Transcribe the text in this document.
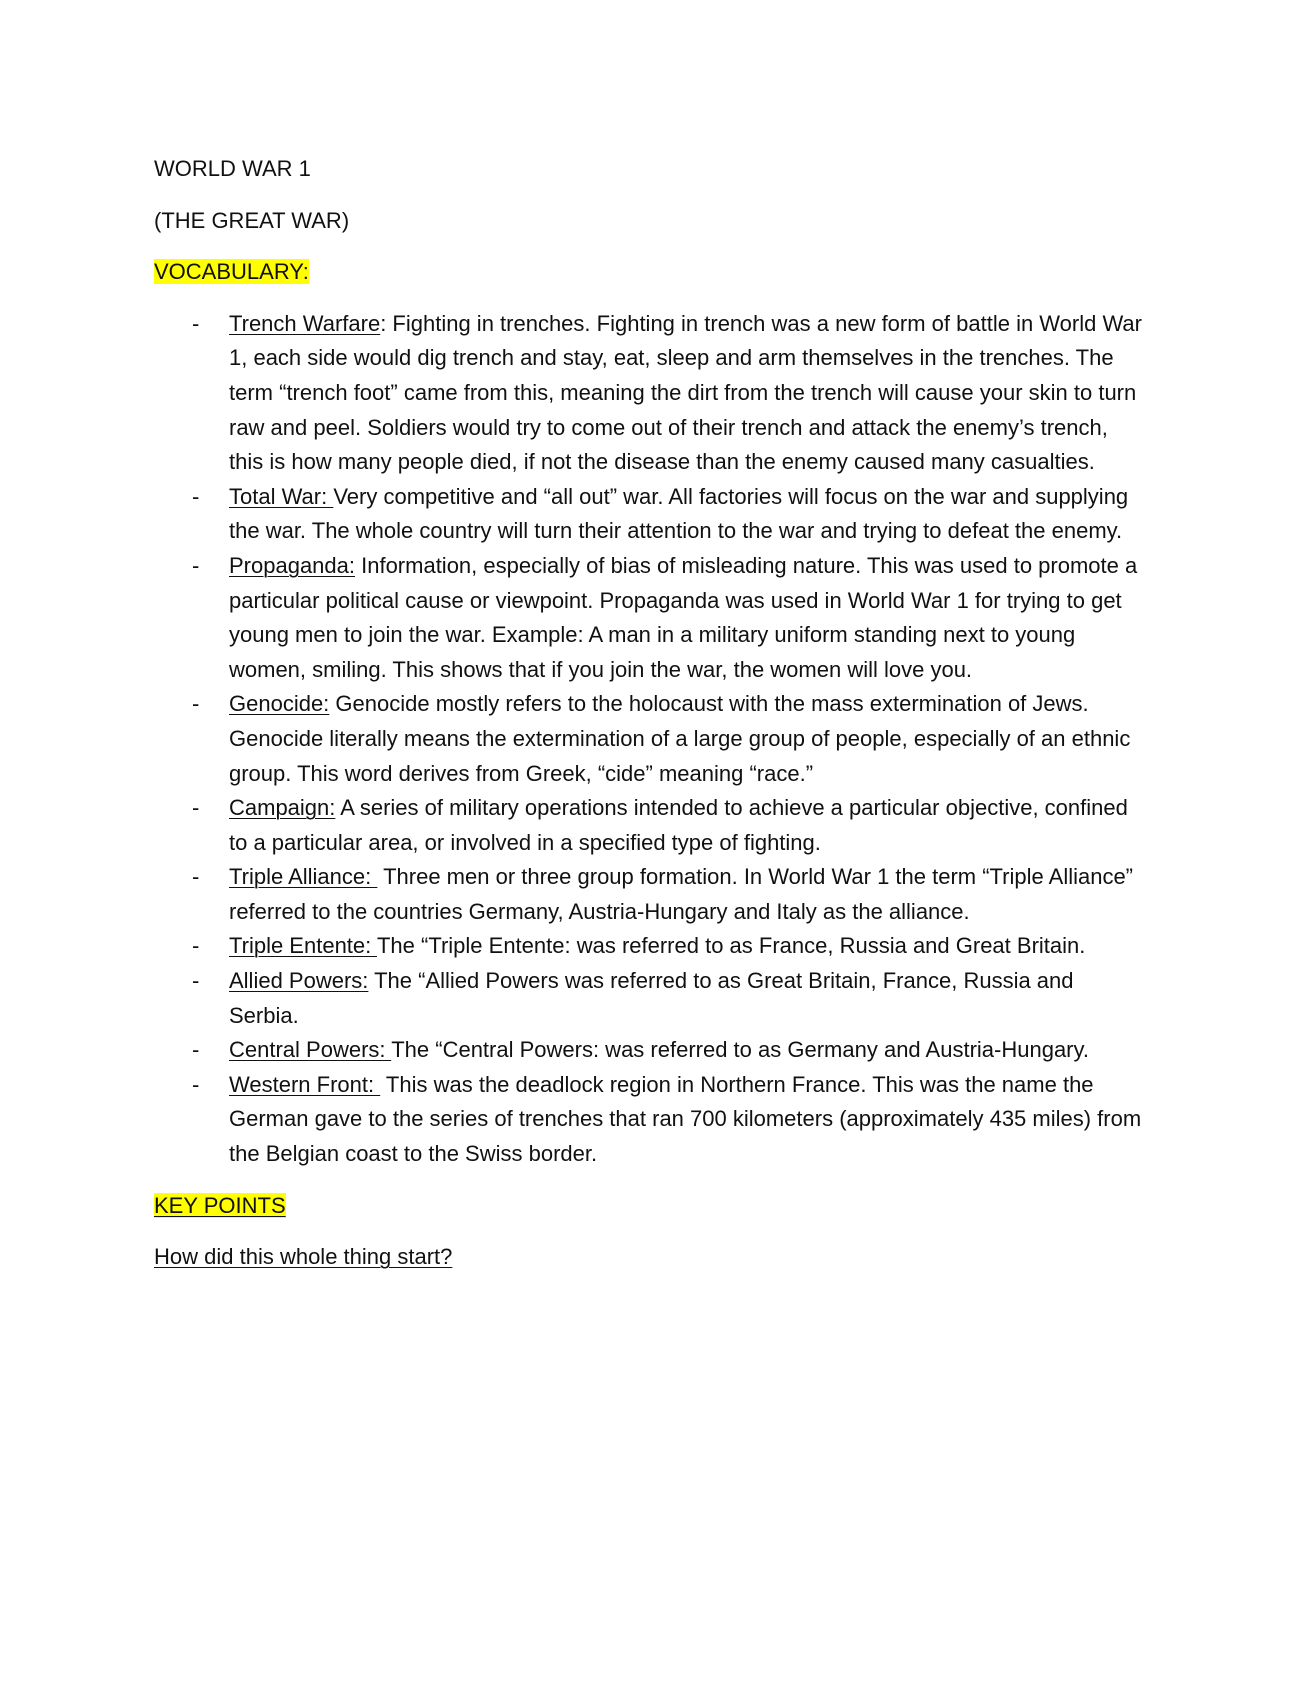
WORLD WAR 1

(THE GREAT WAR)

VOCABULARY:

- Trench Warfare: Fighting in trenches. Fighting in trench was a new form of battle in World War 1, each side would dig trench and stay, eat, sleep and arm themselves in the trenches. The term “trench foot” came from this, meaning the dirt from the trench will cause your skin to turn raw and peel. Soldiers would try to come out of their trench and attack the enemy’s trench, this is how many people died, if not the disease than the enemy caused many casualties.
- Total War: Very competitive and “all out” war. All factories will focus on the war and supplying the war. The whole country will turn their attention to the war and trying to defeat the enemy.
- Propaganda: Information, especially of bias of misleading nature. This was used to promote a particular political cause or viewpoint. Propaganda was used in World War 1 for trying to get young men to join the war. Example: A man in a military uniform standing next to young women, smiling. This shows that if you join the war, the women will love you.
- Genocide: Genocide mostly refers to the holocaust with the mass extermination of Jews. Genocide literally means the extermination of a large group of people, especially of an ethnic group. This word derives from Greek, “cide” meaning “race.”
- Campaign: A series of military operations intended to achieve a particular objective, confined to a particular area, or involved in a specified type of fighting.
- Triple Alliance:  Three men or three group formation. In World War 1 the term “Triple Alliance” referred to the countries Germany, Austria-Hungary and Italy as the alliance.
- Triple Entente: The “Triple Entente: was referred to as France, Russia and Great Britain.
- Allied Powers: The “Allied Powers was referred to as Great Britain, France, Russia and Serbia.
- Central Powers: The “Central Powers: was referred to as Germany and Austria-Hungary.
- Western Front:  This was the deadlock region in Northern France. This was the name the German gave to the series of trenches that ran 700 kilometers (approximately 435 miles) from the Belgian coast to the Swiss border.

KEY POINTS

How did this whole thing start?
